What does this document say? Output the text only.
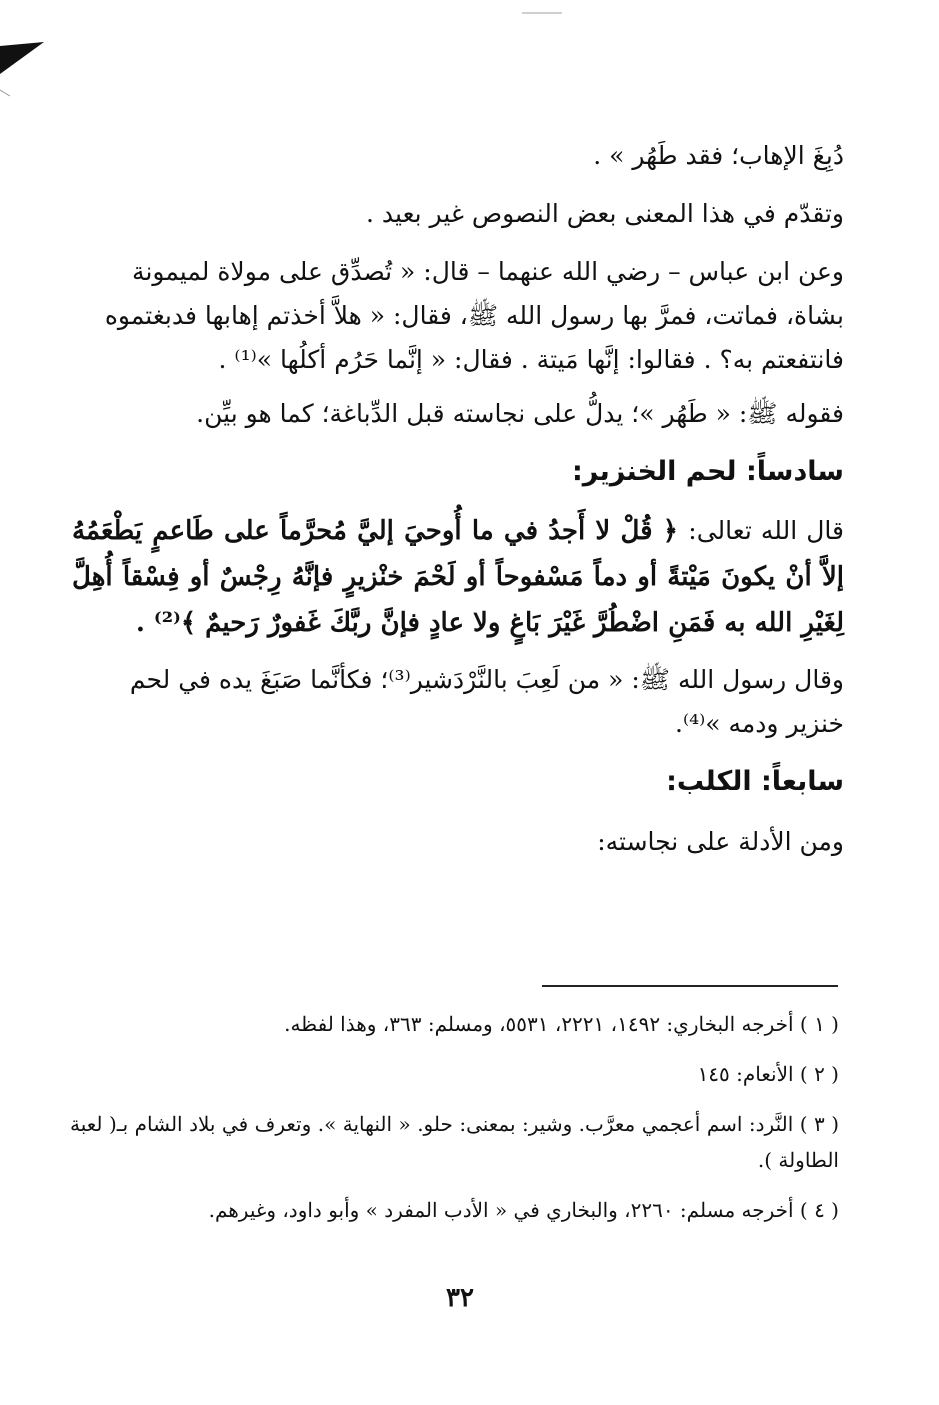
دُبِغَ الإهاب؛ فقد طَهُر » .

وتقدّم في هذا المعنى بعض النصوص غير بعيد .

وعن ابن عباس – رضي الله عنهما – قال: « تُصدِّق على مولاة لميمونة بشاة، فماتت، فمرَّ بها رسول الله ﷺ، فقال: « هلاَّ أخذتم إهابها فدبغتموه فانتفعتم به؟ . فقالوا: إنَّها مَيتة . فقال: « إنَّما حَرُم أكلُها »⁽¹⁾ .

فقوله ﷺ: « طَهُر »؛ يدلُّ على نجاسته قبل الدِّباغة؛ كما هو بيِّن.

سادساً: لحم الخنزير:

قال الله تعالى: ﴿ قُلْ لا أَجدُ في ما أُوحيَ إليَّ مُحرَّماً على طَاعمٍ يَطْعَمُهُ إلاَّ أنْ يكونَ مَيْتةً أو دماً مَسْفوحاً أو لَحْمَ خنْزيرٍ فإنَّهُ رِجْسٌ أو فِسْقاً أُهِلَّ لِغَيْرِ الله به فَمَنِ اضْطُرَّ غَيْرَ بَاغٍ ولا عادٍ فإنَّ ربَّكَ غَفورٌ رَحيمٌ ﴾⁽²⁾ .

وقال رسول الله ﷺ: « من لَعِبَ بالنَّرْدَشير⁽³⁾؛ فكأنَّما صَبَغَ يده في لحم خنزير ودمه »⁽⁴⁾.

سابعاً: الكلب:

ومن الأدلة على نجاسته:

( ١ ) أخرجه البخاري: ١٤٩٢، ٢٢٢١، ٥٥٣١، ومسلم: ٣٦٣، وهذا لفظه.

( ٢ ) الأنعام: ١٤٥

( ٣ ) النَّرد: اسم أعجمي معرَّب. وشير: بمعنى: حلو. « النهاية ». وتعرف في بلاد الشام بـ( لعبة الطاولة ).

( ٤ ) أخرجه مسلم: ٢٢٦٠، والبخاري في « الأدب المفرد » وأبو داود، وغيرهم.

٣٢
